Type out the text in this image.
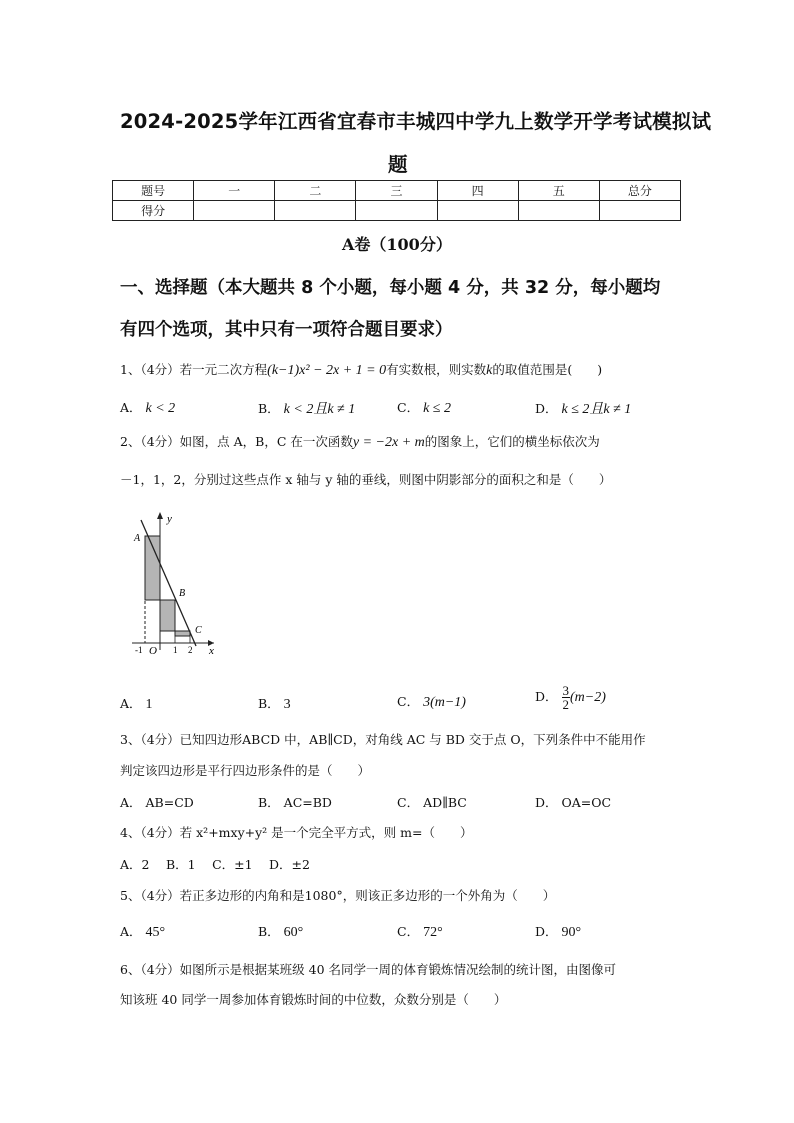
2024-2025学年江西省宜春市丰城四中学九上数学开学考试模拟试
题
题号	一	二	三	四	五	总分
得分						
A卷（100分）
一、选择题（本大题共 8 个小题，每小题 4 分，共 32 分，每小题均
有四个选项，其中只有一项符合题目要求）
1、（4分）若一元二次方程(k−1)x² − 2x + 1 = 0有实数根，则实数k的取值范围是(　　)
A． k < 2	B． k < 2且k ≠ 1	C． k ≤ 2	D． k ≤ 2且k ≠ 1
2、（4分）如图，点 A，B，C 在一次函数y = −2x + m的图象上，它们的横坐标依次为
－1，1，2，分别过这些点作 x 轴与 y 轴的垂线，则图中阴影部分的面积之和是（　　）
A
B
C
O	x
y
-1	1 2
A． 1	B． 3	C． 3(m−1)	D． $\frac{3}{2} (m-2)$
3、（4分）已知四边形ABCD 中，AB∥CD，对角线 AC 与 BD 交于点 O，下列条件中不能用作
判定该四边形是平行四边形条件的是（　　）
A． AB=CD	B． AC=BD	C． AD∥BC	D． OA=OC
4、（4分）若 x²+mxy+y² 是一个完全平方式，则 m=（　　）
A．2　 B．1　 C．±1　 D．±2
5、（4分）若正多边形的内角和是1080°，则该正多边形的一个外角为（　　）
A． 45°	B． 60°	C． 72°	D． 90°
6、（4分）如图所示是根据某班级 40 名同学一周的体育锻炼情况绘制的统计图，由图像可
知该班 40 同学一周参加体育锻炼时间的中位数，众数分别是（　　）
